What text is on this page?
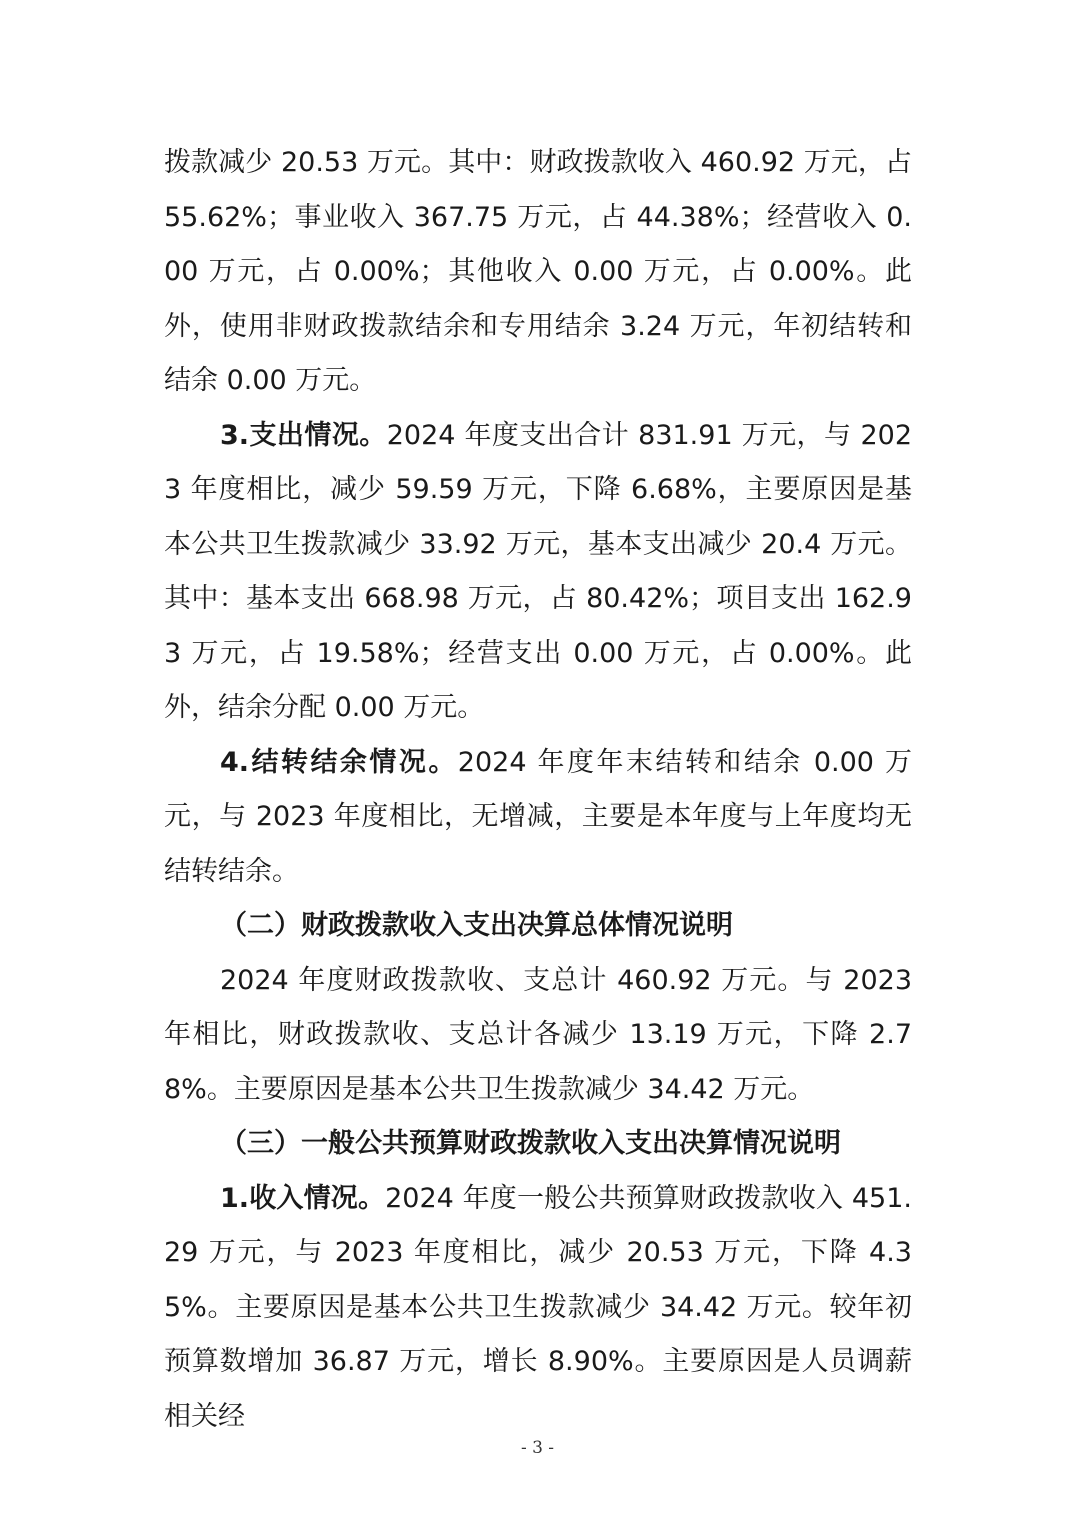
拨款减少 20.53 万元。其中：财政拨款收入 460.92 万元，占 55.62%；事业收入 367.75 万元，占 44.38%；经营收入 0.00 万元，占 0.00%；其他收入 0.00 万元，占 0.00%。此外，使用非财政拨款结余和专用结余 3.24 万元，年初结转和结余 0.00 万元。

3.支出情况。2024 年度支出合计 831.91 万元，与 2023 年度相比，减少 59.59 万元，下降 6.68%，主要原因是基本公共卫生拨款减少 33.92 万元，基本支出减少 20.4 万元。其中：基本支出 668.98 万元，占 80.42%；项目支出 162.93 万元，占 19.58%；经营支出 0.00 万元，占 0.00%。此外，结余分配 0.00 万元。

4.结转结余情况。2024 年度年末结转和结余 0.00 万元，与 2023 年度相比，无增减，主要是本年度与上年度均无结转结余。

（二）财政拨款收入支出决算总体情况说明

2024 年度财政拨款收、支总计 460.92 万元。与 2023 年相比，财政拨款收、支总计各减少 13.19 万元，下降 2.78%。主要原因是基本公共卫生拨款减少 34.42 万元。

（三）一般公共预算财政拨款收入支出决算情况说明

1.收入情况。2024 年度一般公共预算财政拨款收入 451.29 万元，与 2023 年度相比，减少 20.53 万元，下降 4.35%。主要原因是基本公共卫生拨款减少 34.42 万元。较年初预算数增加 36.87 万元，增长 8.90%。主要原因是人员调薪相关经

- 3 -
